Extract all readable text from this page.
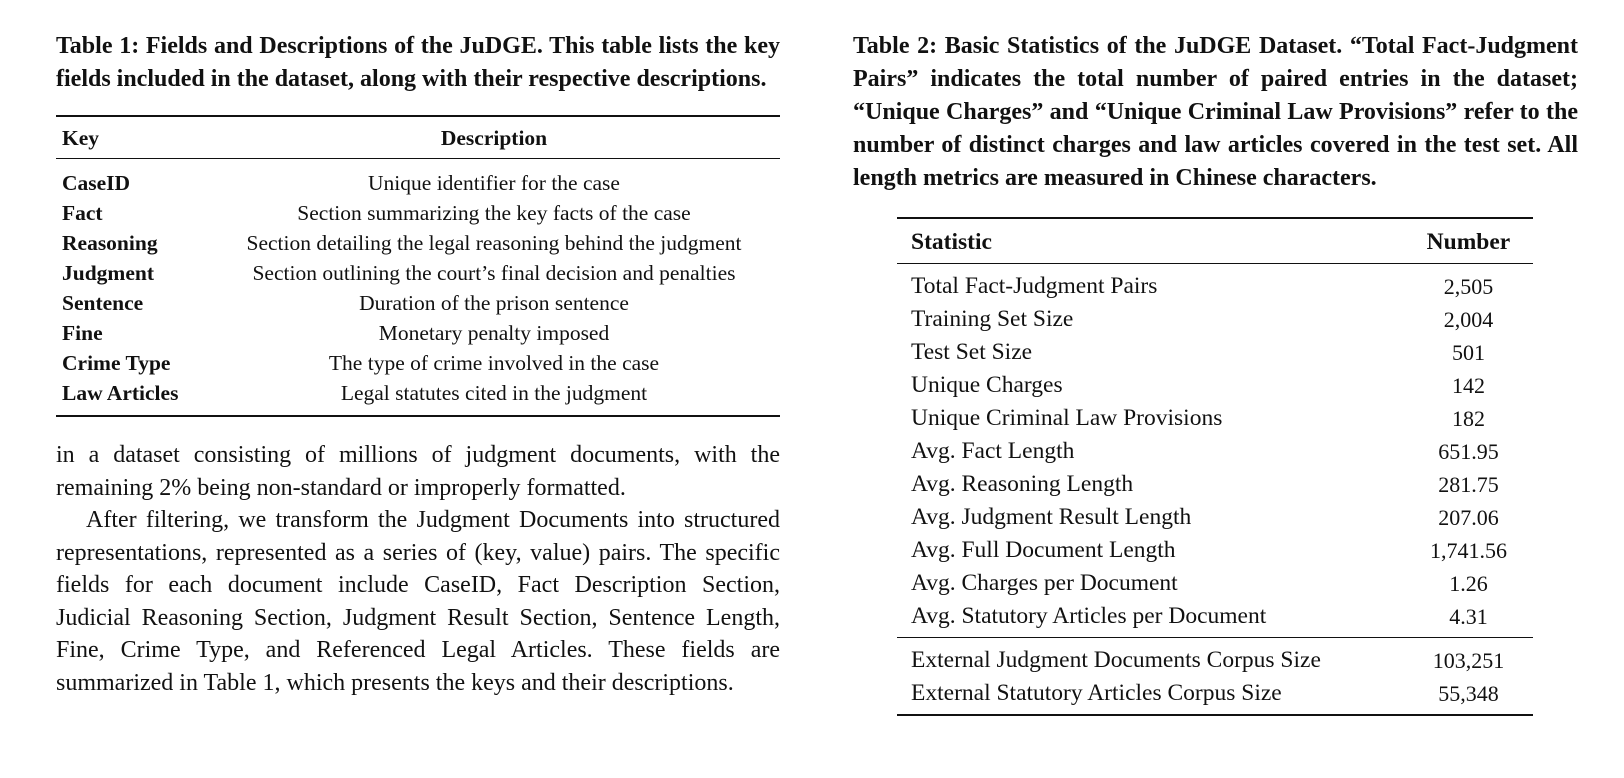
Table 1: Fields and Descriptions of the JuDGE. This table lists the key fields included in the dataset, along with their respective descriptions.

Key	Description
CaseID	Unique identifier for the case
Fact	Section summarizing the key facts of the case
Reasoning	Section detailing the legal reasoning behind the judgment
Judgment	Section outlining the court’s final decision and penalties
Sentence	Duration of the prison sentence
Fine	Monetary penalty imposed
Crime Type	The type of crime involved in the case
Law Articles	Legal statutes cited in the judgment

in a dataset consisting of millions of judgment documents, with the remaining 2% being non-standard or improperly formatted.

After filtering, we transform the Judgment Documents into structured representations, represented as a series of (key, value) pairs. The specific fields for each document include CaseID, Fact Description Section, Judicial Reasoning Section, Judgment Result Section, Sentence Length, Fine, Crime Type, and Referenced Legal Articles. These fields are summarized in Table 1, which presents the keys and their descriptions.

Table 2: Basic Statistics of the JuDGE Dataset. “Total Fact-Judgment Pairs” indicates the total number of paired entries in the dataset; “Unique Charges” and “Unique Criminal Law Provisions” refer to the number of distinct charges and law articles covered in the test set. All length metrics are measured in Chinese characters.

Statistic	Number
Total Fact-Judgment Pairs	2,505
Training Set Size	2,004
Test Set Size	501
Unique Charges	142
Unique Criminal Law Provisions	182
Avg. Fact Length	651.95
Avg. Reasoning Length	281.75
Avg. Judgment Result Length	207.06
Avg. Full Document Length	1,741.56
Avg. Charges per Document	1.26
Avg. Statutory Articles per Document	4.31
External Judgment Documents Corpus Size	103,251
External Statutory Articles Corpus Size	55,348
